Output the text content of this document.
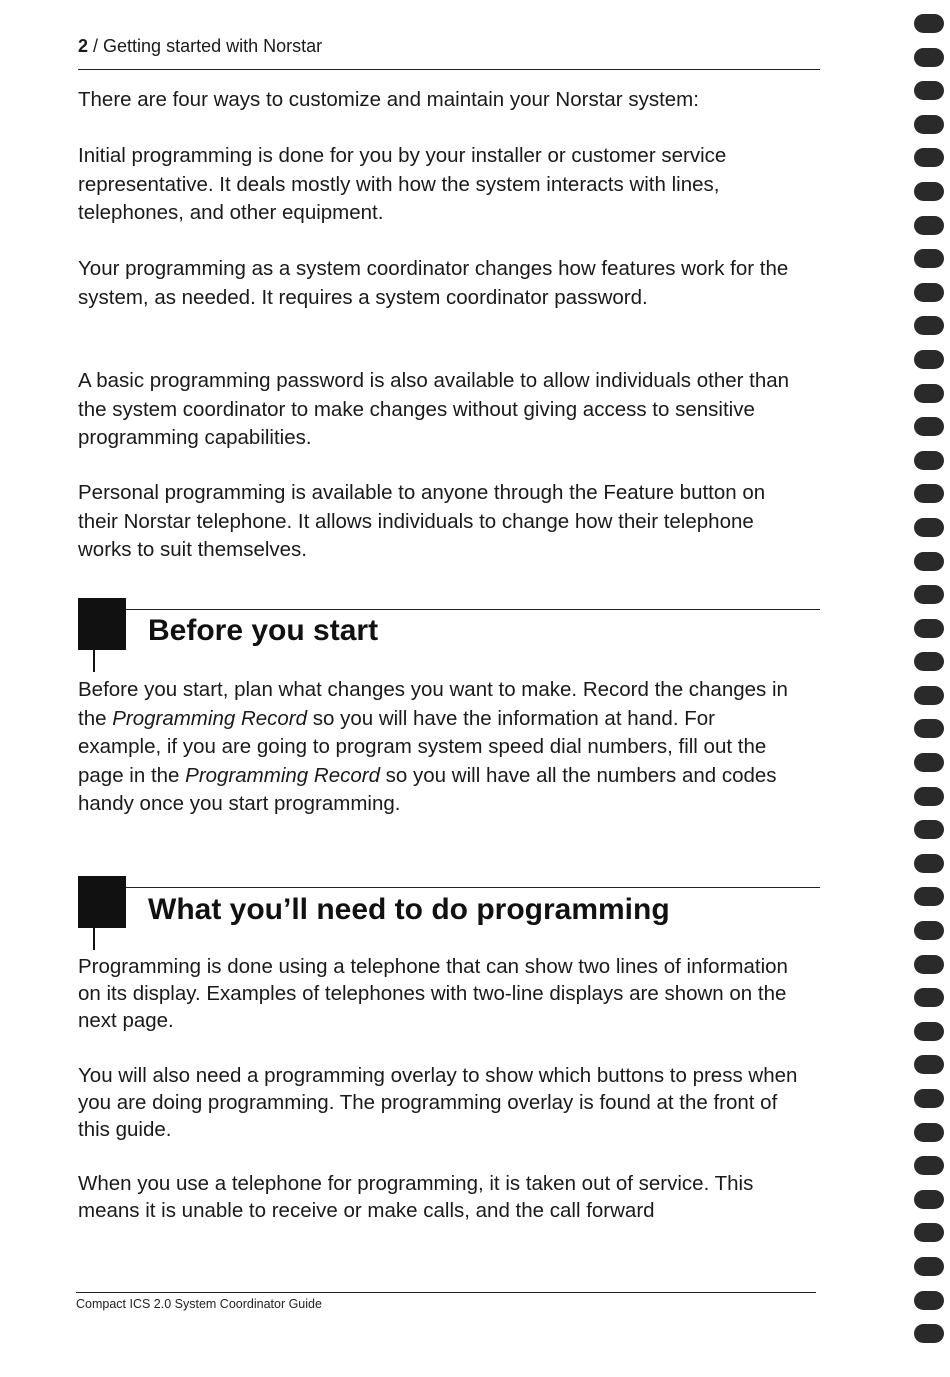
2 / Getting started with Norstar

There are four ways to customize and maintain your Norstar system:

Initial programming is done for you by your installer or customer service representative. It deals mostly with how the system interacts with lines, telephones, and other equipment.

Your programming as a system coordinator changes how features work for the system, as needed. It requires a system coordinator password.

A basic programming password is also available to allow individuals other than the system coordinator to make changes without giving access to sensitive programming capabilities.

Personal programming is available to anyone through the Feature button on their Norstar telephone. It allows individuals to change how their telephone works to suit themselves.

Before you start

Before you start, plan what changes you want to make. Record the changes in the Programming Record so you will have the information at hand. For example, if you are going to program system speed dial numbers, fill out the page in the Programming Record so you will have all the numbers and codes handy once you start programming.

What you’ll need to do programming

Programming is done using a telephone that can show two lines of information on its display. Examples of telephones with two-line displays are shown on the next page.

You will also need a programming overlay to show which buttons to press when you are doing programming. The programming overlay is found at the front of this guide.

When you use a telephone for programming, it is taken out of service. This means it is unable to receive or make calls, and the call forward

Compact ICS 2.0 System Coordinator Guide
